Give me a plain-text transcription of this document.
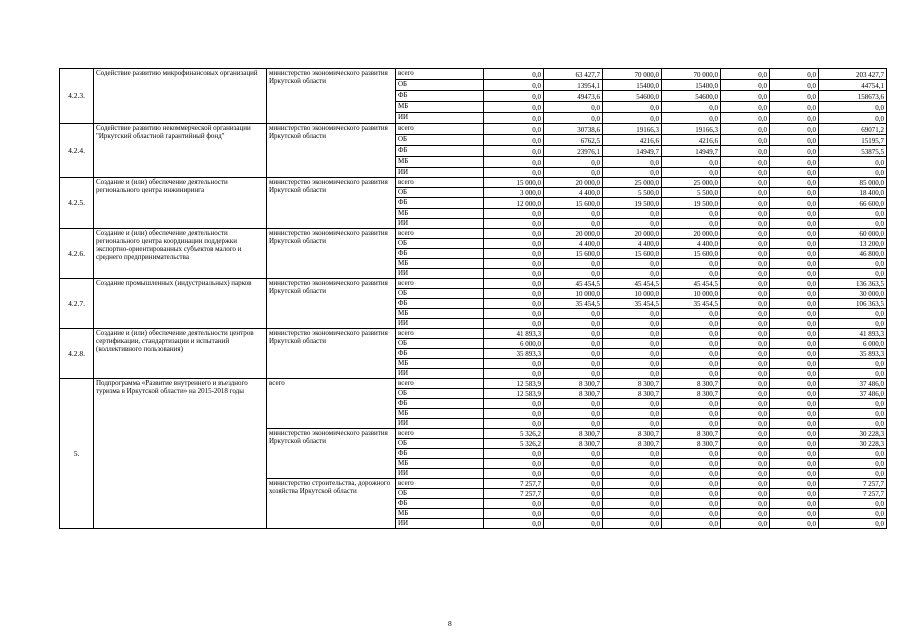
4.2.3.	Содействие развитию микрофинансовых организаций	министерство экономического развития Иркутской области	всего	0,0	63 427,7	70 000,0	70 000,0	0,0	0,0	203 427,7
			ОБ	0,0	13954,1	15400,0	15400,0	0,0	0,0	44754,1
			ФБ	0,0	49473,6	54600,0	54600,0	0,0	0,0	158673,6
			МБ	0,0	0,0	0,0	0,0	0,0	0,0	0,0
			ИИ	0,0	0,0	0,0	0,0	0,0	0,0	0,0
4.2.4.	Содействие развитию некоммерческой организации "Иркутский областной гарантийный фонд"	министерство экономического развития Иркутской области	всего	0,0	30738,6	19166,3	19166,3	0,0	0,0	69071,2
			ОБ	0,0	6762,5	4216,6	4216,6	0,0	0,0	15195,7
			ФБ	0,0	23976,1	14949,7	14949,7	0,0	0,0	53875,5
			МБ	0,0	0,0	0,0	0,0	0,0	0,0	0,0
			ИИ	0,0	0,0	0,0	0,0	0,0	0,0	0,0
4.2.5.	Создание и (или) обеспечение деятельности регионального центра инжиниринга	министерство экономического развития Иркутской области	всего	15 000,0	20 000,0	25 000,0	25 000,0	0,0	0,0	85 000,0
			ОБ	3 000,0	4 400,0	5 500,0	5 500,0	0,0	0,0	18 400,0
			ФБ	12 000,0	15 600,0	19 500,0	19 500,0	0,0	0,0	66 600,0
			МБ	0,0	0,0	0,0	0,0	0,0	0,0	0,0
			ИИ	0,0	0,0	0,0	0,0	0,0	0,0	0,0
4.2.6.	Создание и (или) обеспечение деятельности регионального центра координации поддержки экспортно-ориентированных субъектов малого и среднего предпринимательства	министерство экономического развития Иркутской области	всего	0,0	20 000,0	20 000,0	20 000,0	0,0	0,0	60 000,0
			ОБ	0,0	4 400,0	4 400,0	4 400,0	0,0	0,0	13 200,0
			ФБ	0,0	15 600,0	15 600,0	15 600,0	0,0	0,0	46 800,0
			МБ	0,0	0,0	0,0	0,0	0,0	0,0	0,0
			ИИ	0,0	0,0	0,0	0,0	0,0	0,0	0,0
4.2.7.	Создание промышленных (индустриальных) парков	министерство экономического развития Иркутской области	всего	0,0	45 454,5	45 454,5	45 454,5	0,0	0,0	136 363,5
			ОБ	0,0	10 000,0	10 000,0	10 000,0	0,0	0,0	30 000,0
			ФБ	0,0	35 454,5	35 454,5	35 454,5	0,0	0,0	106 363,5
			МБ	0,0	0,0	0,0	0,0	0,0	0,0	0,0
			ИИ	0,0	0,0	0,0	0,0	0,0	0,0	0,0
4.2.8.	Создание и (или) обеспечение деятельности центров сертификации, стандартизации и испытаний (коллективного пользования)	министерство экономического развития Иркутской области	всего	41 893,3	0,0	0,0	0,0	0,0	0,0	41 893,3
			ОБ	6 000,0	0,0	0,0	0,0	0,0	0,0	6 000,0
			ФБ	35 893,3	0,0	0,0	0,0	0,0	0,0	35 893,3
			МБ	0,0	0,0	0,0	0,0	0,0	0,0	0,0
			ИИ	0,0	0,0	0,0	0,0	0,0	0,0	0,0
5.	Подпрограмма «Развитие внутреннего и въездного туризма в Иркутской области» на 2015-2018 годы	всего	всего	12 583,9	8 300,7	8 300,7	8 300,7	0,0	0,0	37 486,0
			ОБ	12 583,9	8 300,7	8 300,7	8 300,7	0,0	0,0	37 486,0
			ФБ	0,0	0,0	0,0	0,0	0,0	0,0	0,0
			МБ	0,0	0,0	0,0	0,0	0,0	0,0	0,0
			ИИ	0,0	0,0	0,0	0,0	0,0	0,0	0,0
		министерство экономического развития Иркутской области	всего	5 326,2	8 300,7	8 300,7	8 300,7	0,0	0,0	30 228,3
			ОБ	5 326,2	8 300,7	8 300,7	8 300,7	0,0	0,0	30 228,3
			ФБ	0,0	0,0	0,0	0,0	0,0	0,0	0,0
			МБ	0,0	0,0	0,0	0,0	0,0	0,0	0,0
			ИИ	0,0	0,0	0,0	0,0	0,0	0,0	0,0
		министерство строительства, дорожного хозяйства Иркутской области	всего	7 257,7	0,0	0,0	0,0	0,0	0,0	7 257,7
			ОБ	7 257,7	0,0	0,0	0,0	0,0	0,0	7 257,7
			ФБ	0,0	0,0	0,0	0,0	0,0	0,0	0,0
			МБ	0,0	0,0	0,0	0,0	0,0	0,0	0,0
			ИИ	0,0	0,0	0,0	0,0	0,0	0,0	0,0
8
